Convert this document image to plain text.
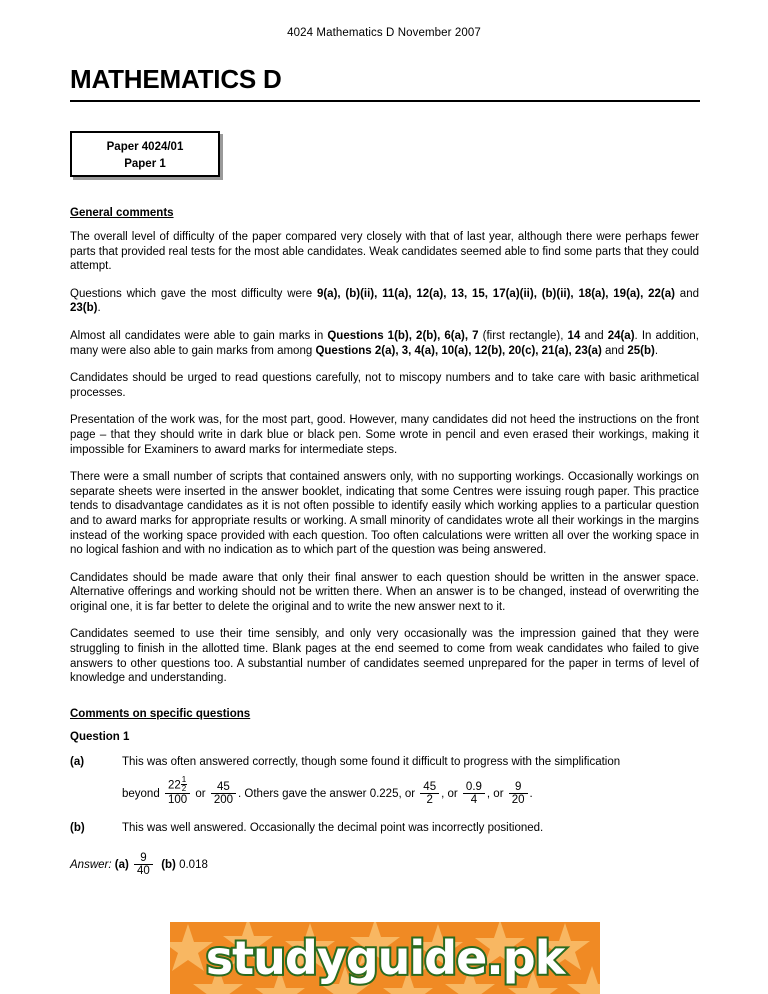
4024 Mathematics D November 2007
MATHEMATICS D
Paper 4024/01
Paper 1
General comments

The overall level of difficulty of the paper compared very closely with that of last year, although there were perhaps fewer parts that provided real tests for the most able candidates. Weak candidates seemed able to find some parts that they could attempt.

Questions which gave the most difficulty were 9(a), (b)(ii), 11(a), 12(a), 13, 15, 17(a)(ii), (b)(ii), 18(a), 19(a), 22(a) and 23(b).

Almost all candidates were able to gain marks in Questions 1(b), 2(b), 6(a), 7 (first rectangle), 14 and 24(a). In addition, many were also able to gain marks from among Questions 2(a), 3, 4(a), 10(a), 12(b), 20(c), 21(a), 23(a) and 25(b).

Candidates should be urged to read questions carefully, not to miscopy numbers and to take care with basic arithmetical processes.

Presentation of the work was, for the most part, good. However, many candidates did not heed the instructions on the front page – that they should write in dark blue or black pen. Some wrote in pencil and even erased their workings, making it impossible for Examiners to award marks for intermediate steps.

There were a small number of scripts that contained answers only, with no supporting workings. Occasionally workings on separate sheets were inserted in the answer booklet, indicating that some Centres were issuing rough paper. This practice tends to disadvantage candidates as it is not often possible to identify easily which working applies to a particular question and to award marks for appropriate results or working. A small minority of candidates wrote all their workings in the margins instead of the working space provided with each question. Too often calculations were written all over the working space in no logical fashion and with no indication as to which part of the question was being answered.

Candidates should be made aware that only their final answer to each question should be written in the answer space. Alternative offerings and working should not be written there. When an answer is to be changed, instead of overwriting the original one, it is far better to delete the original and to write the new answer next to it.

Candidates seemed to use their time sensibly, and only very occasionally was the impression gained that they were struggling to finish in the allotted time. Blank pages at the end seemed to come from weak candidates who failed to give answers to other questions too. A substantial number of candidates seemed unprepared for the paper in terms of level of knowledge and understanding.

Comments on specific questions
Question 1
(a)	This was often answered correctly, though some found it difficult to progress with the simplification
beyond $\frac{22 \frac{1}{2}}{100}$ or $\frac{45}{200}$ . Others gave the answer 0.225, or $\frac{45}{2}$ , or $\frac{0.9}{4}$ , or $\frac{9}{20}$ .
(b)	This was well answered. Occasionally the decimal point was incorrectly positioned.
Answer: $(a) \frac{9}{40} (b)$ 0.018
studyguide.pk
